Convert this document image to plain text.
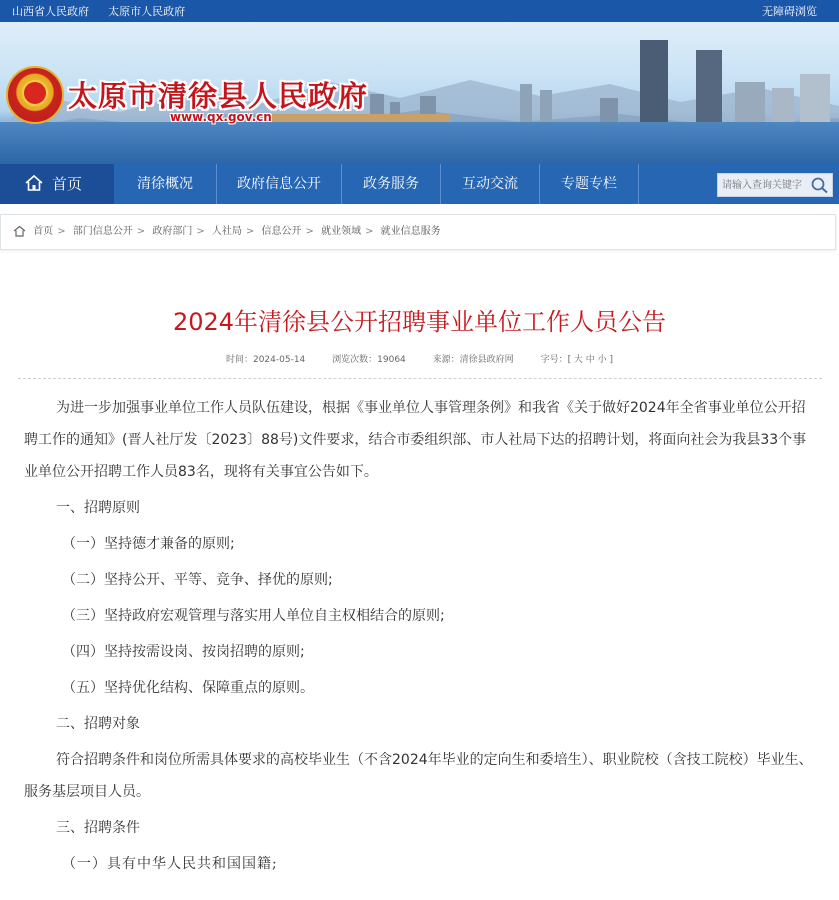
山西省人民政府 太原市人民政府	无障碍浏览
太原市清徐县人民政府
www.qx.gov.cn
首页	清徐概况	政府信息公开	政务服务	互动交流	专题专栏
请输入查询关键字
首页 > 部门信息公开 > 政府部门 > 人社局 > 信息公开 > 就业领域 > 就业信息服务
2024年清徐县公开招聘事业单位工作人员公告
时间：2024-05-14	浏览次数：19064	来源：清徐县政府网	字号：[ 大 中 小 ]

为进一步加强事业单位工作人员队伍建设，根据《事业单位人事管理条例》和我省《关于做好2024年全省事业单位公开招聘工作的通知》(晋人社厅发〔2023〕88号)文件要求，结合市委组织部、市人社局下达的招聘计划，将面向社会为我县33个事业单位公开招聘工作人员83名，现将有关事宜公告如下。

一、招聘原则

（一）坚持德才兼备的原则;

（二）坚持公开、平等、竞争、择优的原则;

（三）坚持政府宏观管理与落实用人单位自主权相结合的原则;

（四）坚持按需设岗、按岗招聘的原则;

（五）坚持优化结构、保障重点的原则。

二、招聘对象

符合招聘条件和岗位所需具体要求的高校毕业生（不含2024年毕业的定向生和委培生）、职业院校（含技工院校）毕业生、服务基层项目人员。

三、招聘条件

（一）具有中华人民共和国国籍;
